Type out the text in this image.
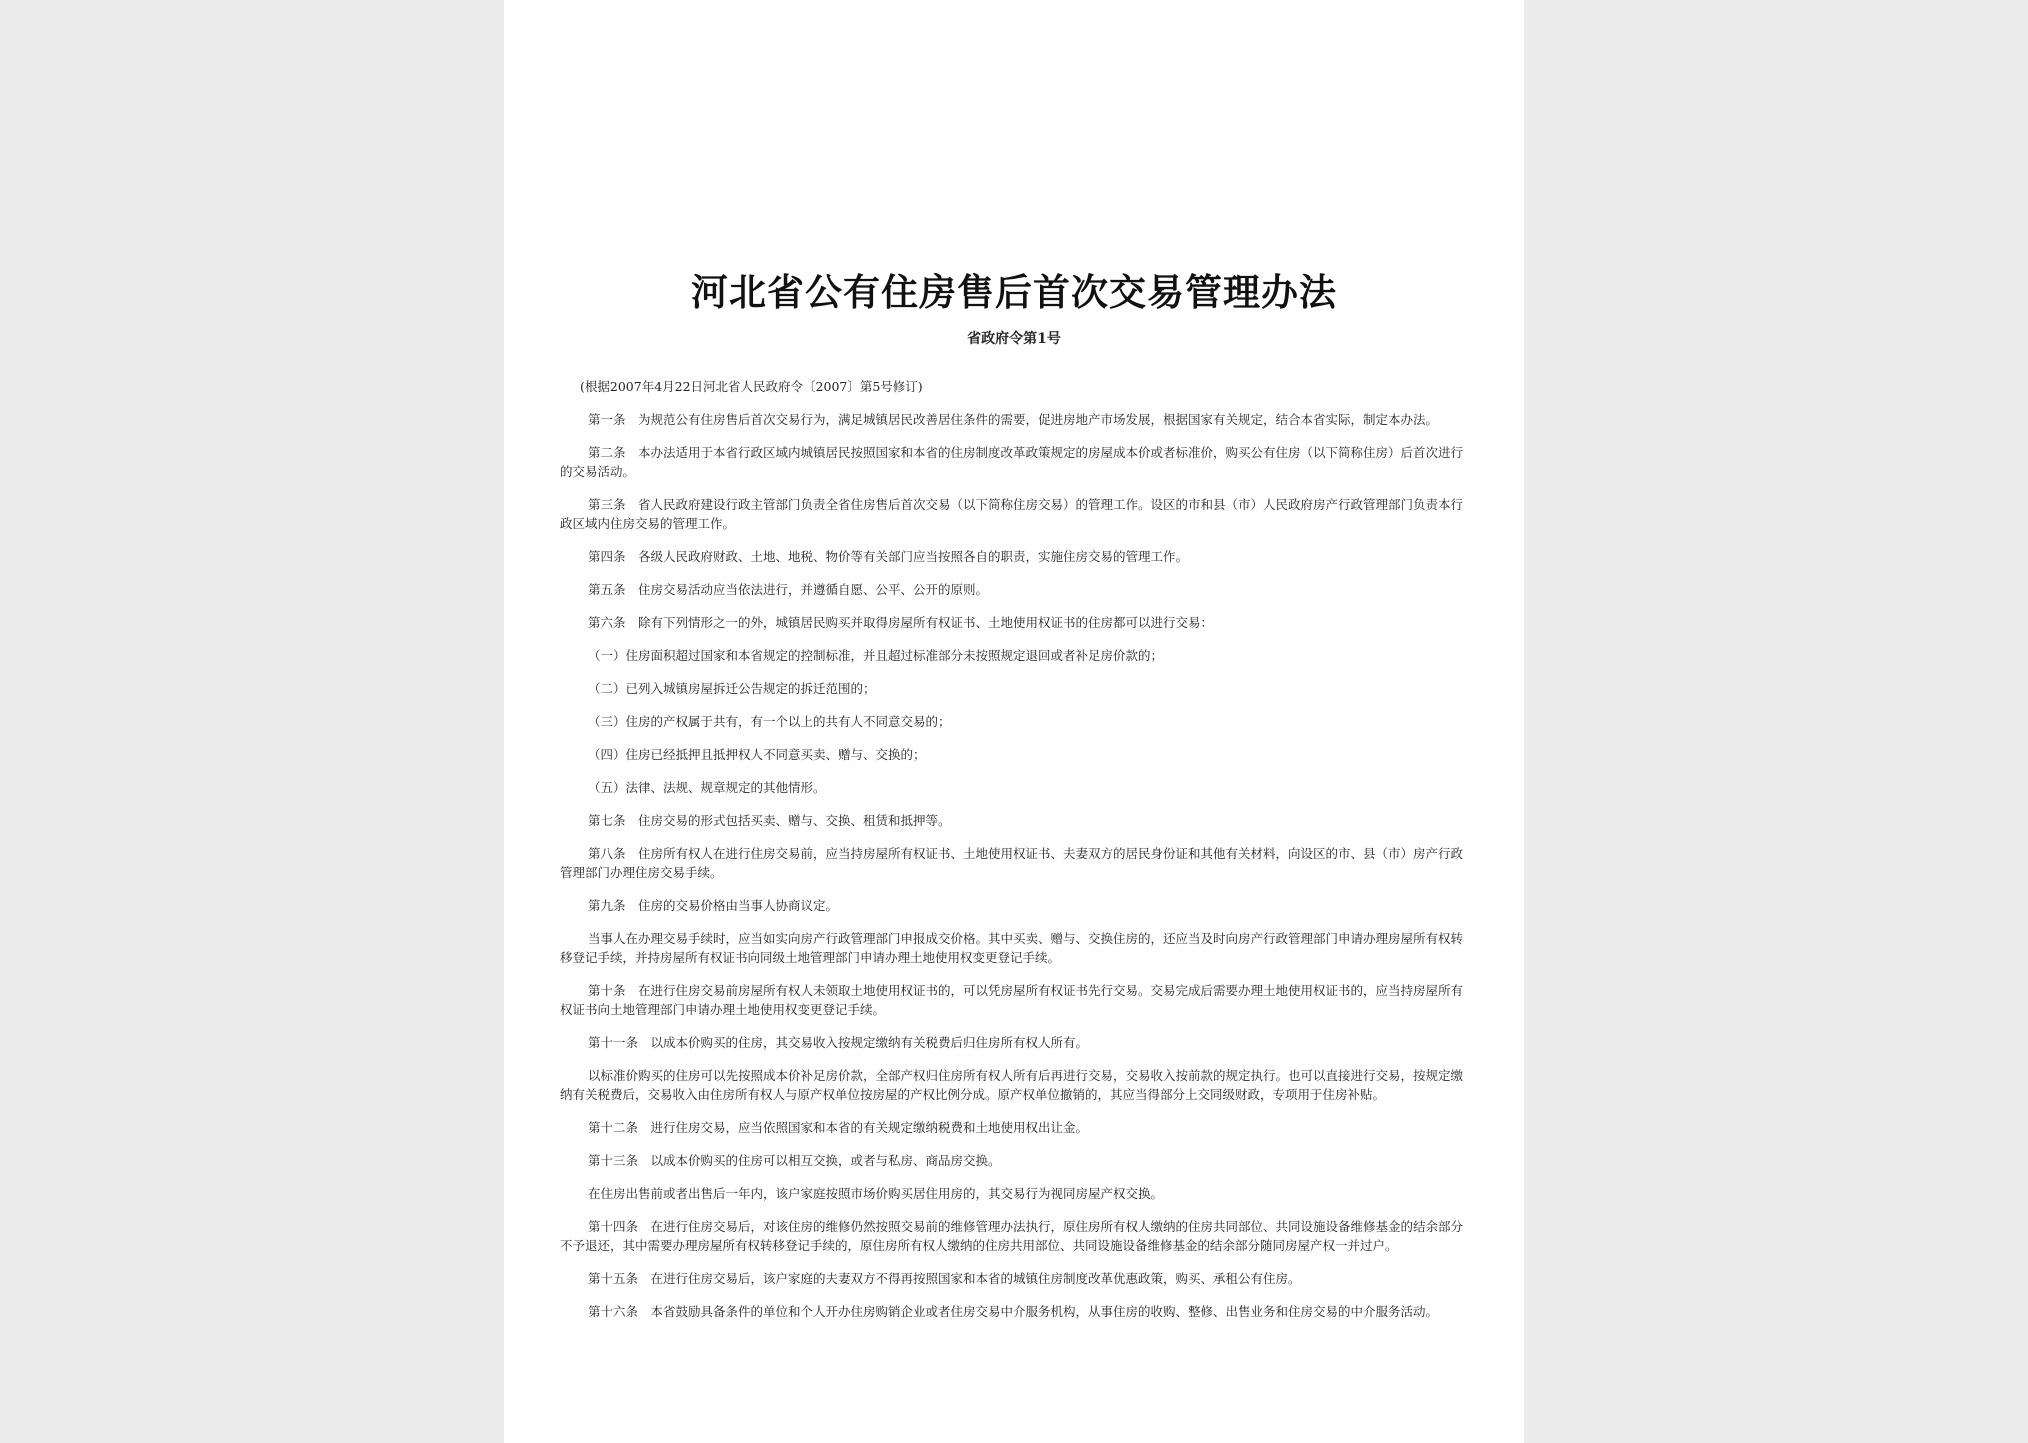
河北省公有住房售后首次交易管理办法
省政府令第1号
(根据2007年4月22日河北省人民政府令〔2007〕第5号修订)

第一条　为规范公有住房售后首次交易行为，满足城镇居民改善居住条件的需要，促进房地产市场发展，根据国家有关规定，结合本省实际，制定本办法。

第二条　本办法适用于本省行政区域内城镇居民按照国家和本省的住房制度改革政策规定的房屋成本价或者标准价，购买公有住房（以下简称住房）后首次进行的交易活动。

第三条　省人民政府建设行政主管部门负责全省住房售后首次交易（以下简称住房交易）的管理工作。设区的市和县（市）人民政府房产行政管理部门负责本行政区域内住房交易的管理工作。

第四条　各级人民政府财政、土地、地税、物价等有关部门应当按照各自的职责，实施住房交易的管理工作。

第五条　住房交易活动应当依法进行，并遵循自愿、公平、公开的原则。

第六条　除有下列情形之一的外，城镇居民购买并取得房屋所有权证书、土地使用权证书的住房都可以进行交易：

（一）住房面积超过国家和本省规定的控制标准，并且超过标准部分未按照规定退回或者补足房价款的；

（二）已列入城镇房屋拆迁公告规定的拆迁范围的；

（三）住房的产权属于共有，有一个以上的共有人不同意交易的；

（四）住房已经抵押且抵押权人不同意买卖、赠与、交换的；

（五）法律、法规、规章规定的其他情形。

第七条　住房交易的形式包括买卖、赠与、交换、租赁和抵押等。

第八条　住房所有权人在进行住房交易前，应当持房屋所有权证书、土地使用权证书、夫妻双方的居民身份证和其他有关材料，向设区的市、县（市）房产行政管理部门办理住房交易手续。

第九条　住房的交易价格由当事人协商议定。

当事人在办理交易手续时，应当如实向房产行政管理部门申报成交价格。其中买卖、赠与、交换住房的，还应当及时向房产行政管理部门申请办理房屋所有权转移登记手续，并持房屋所有权证书向同级土地管理部门申请办理土地使用权变更登记手续。

第十条　在进行住房交易前房屋所有权人未领取土地使用权证书的，可以凭房屋所有权证书先行交易。交易完成后需要办理土地使用权证书的，应当持房屋所有权证书向土地管理部门申请办理土地使用权变更登记手续。

第十一条　以成本价购买的住房，其交易收入按规定缴纳有关税费后归住房所有权人所有。

以标准价购买的住房可以先按照成本价补足房价款，全部产权归住房所有权人所有后再进行交易，交易收入按前款的规定执行。也可以直接进行交易，按规定缴纳有关税费后，交易收入由住房所有权人与原产权单位按房屋的产权比例分成。原产权单位撤销的，其应当得部分上交同级财政，专项用于住房补贴。

第十二条　进行住房交易，应当依照国家和本省的有关规定缴纳税费和土地使用权出让金。

第十三条　以成本价购买的住房可以相互交换，或者与私房、商品房交换。

在住房出售前或者出售后一年内，该户家庭按照市场价购买居住用房的，其交易行为视同房屋产权交换。

第十四条　在进行住房交易后，对该住房的维修仍然按照交易前的维修管理办法执行，原住房所有权人缴纳的住房共同部位、共同设施设备维修基金的结余部分不予退还，其中需要办理房屋所有权转移登记手续的，原住房所有权人缴纳的住房共用部位、共同设施设备维修基金的结余部分随同房屋产权一并过户。

第十五条　在进行住房交易后，该户家庭的夫妻双方不得再按照国家和本省的城镇住房制度改革优惠政策，购买、承租公有住房。

第十六条　本省鼓励具备条件的单位和个人开办住房购销企业或者住房交易中介服务机构，从事住房的收购、整修、出售业务和住房交易的中介服务活动。
